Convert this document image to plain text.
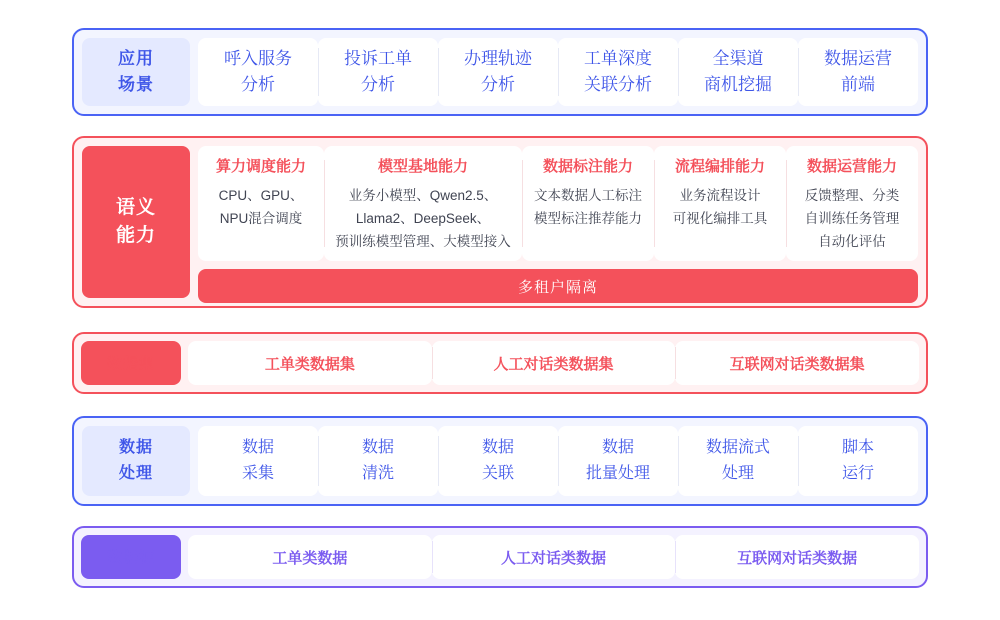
应用
场景
呼入服务
分析
投诉工单
分析
办理轨迹
分析
工单深度
关联分析
全渠道
商机挖掘
数据运营
前端
语义
能力
算力调度能力
CPU、GPU、
NPU混合调度
模型基地能力
业务小模型、Qwen2.5、
Llama2、DeepSeek、
预训练模型管理、大模型接入
数据标注能力
文本数据人工标注
模型标注推荐能力
流程编排能力
业务流程设计
可视化编排工具
数据运营能力
反馈整理、分类
自训练任务管理
自动化评估
多租户隔离
数据集	工单类数据集	人工对话类数据集	互联网对话类数据集
数据
处理
数据
采集
数据
清洗
数据
关联
数据
批量处理
数据流式
处理
脚本
运行
数据源	工单类数据	人工对话类数据	互联网对话类数据
